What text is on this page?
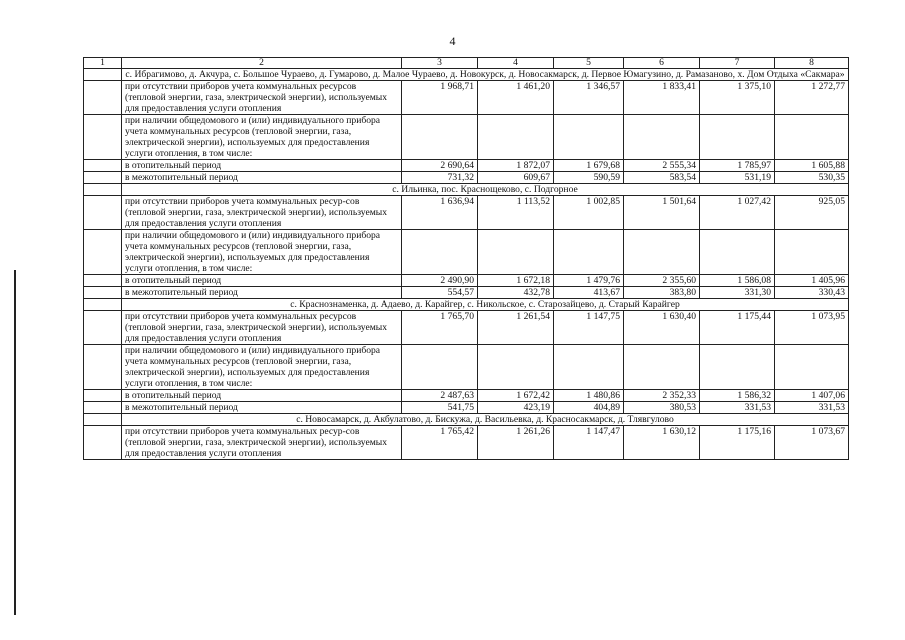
4
1	2	3	4	5	6	7	8
	с. Ибрагимово, д. Акчура, с. Большое Чураево, д. Гумарово, д. Малое Чураево, д. Новокурск, д. Новосакмарск, д. Первое Юмагузино, д. Рамазаново, х. Дом Отдыха «Сакмара»						
	при отсутствии приборов учета коммунальных ресурсов (тепловой энергии, газа, электрической энергии), используемых для предоставления услуги отопления	1 968,71	1 461,20	1 346,57	1 833,41	1 375,10	1 272,77
	при наличии общедомового и (или) индивидуального прибора учета коммунальных ресурсов (тепловой энергии, газа, электрической энергии), используемых для предоставления услуги отопления, в том числе:						
	в отопительный период	2 690,64	1 872,07	1 679,68	2 555,34	1 785,97	1 605,88
	в межотопительный период	731,32	609,67	590,59	583,54	531,19	530,35
	с. Ильинка, пос. Краснощеково, с. Подгорное						
	при отсутствии приборов учета коммунальных ресур-сов (тепловой энергии, газа, электрической энергии), используемых для предоставления услуги отопления	1 636,94	1 113,52	1 002,85	1 501,64	1 027,42	925,05
	при наличии общедомового и (или) индивидуального прибора учета коммунальных ресурсов (тепловой энергии, газа, электрической энергии), используемых для предоставления услуги отопления, в том числе:						
	в отопительный период	2 490,90	1 672,18	1 479,76	2 355,60	1 586,08	1 405,96
	в межотопительный период	554,57	432,78	413,67	383,80	331,30	330,43
	с. Краснознаменка, д. Адаево, д. Карайгер, с. Никольское, с. Старозайцево, д. Старый Карайгер						
	при отсутствии приборов учета коммунальных ресурсов (тепловой энергии, газа, электрической энергии), используемых для предоставления услуги отопления	1 765,70	1 261,54	1 147,75	1 630,40	1 175,44	1 073,95
	при наличии общедомового и (или) индивидуального прибора учета коммунальных ресурсов (тепловой энергии, газа, электрической энергии), используемых для предоставления услуги отопления, в том числе:						
	в отопительный период	2 487,63	1 672,42	1 480,86	2 352,33	1 586,32	1 407,06
	в межотопительный период	541,75	423,19	404,89	380,53	331,53	331,53
	с. Новосамарск, д. Акбулатово, д. Бискужа, д. Васильевка, д. Красносакмарск, д. Тлявгулово						
	при отсутствии приборов учета коммунальных ресур-сов (тепловой энергии, газа, электрической энергии), используемых для предоставления услуги отопления	1 765,42	1 261,26	1 147,47	1 630,12	1 175,16	1 073,67
